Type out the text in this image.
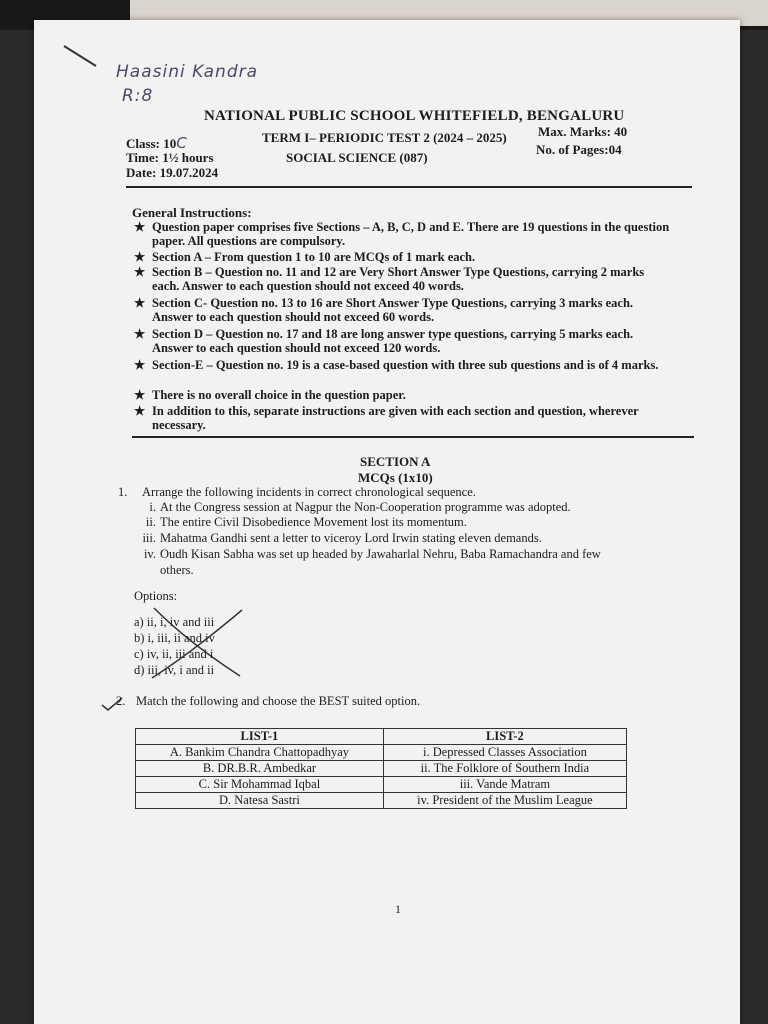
Haasini Kandra
R:8
NATIONAL PUBLIC SCHOOL WHITEFIELD, BENGALURU
TERM I– PERIODIC TEST 2 (2024 – 2025)
SOCIAL SCIENCE (087)
Class: 10C
Time: 1½ hours
Date: 19.07.2024
Max. Marks: 40
No. of Pages:04
General Instructions:
★ Question paper comprises five Sections – A, B, C, D and E. There are 19 questions in the question paper. All questions are compulsory.
★ Section A – From question 1 to 10 are MCQs of 1 mark each.
★ Section B – Question no. 11 and 12 are Very Short Answer Type Questions, carrying 2 marks each. Answer to each question should not exceed 40 words.
★ Section C- Question no. 13 to 16 are Short Answer Type Questions, carrying 3 marks each. Answer to each question should not exceed 60 words.
★ Section D – Question no. 17 and 18 are long answer type questions, carrying 5 marks each. Answer to each question should not exceed 120 words.
★ Section-E – Question no. 19 is a case-based question with three sub questions and is of 4 marks.
★ There is no overall choice in the question paper.
★ In addition to this, separate instructions are given with each section and question, wherever necessary.
SECTION A
MCQs (1x10)
1. Arrange the following incidents in correct chronological sequence.
i. At the Congress session at Nagpur the Non-Cooperation programme was adopted.
ii. The entire Civil Disobedience Movement lost its momentum.
iii. Mahatma Gandhi sent a letter to viceroy Lord Irwin stating eleven demands.
iv. Oudh Kisan Sabha was set up headed by Jawaharlal Nehru, Baba Ramachandra and few
others.
Options:
a) ii, i, iv and iii
b) i, iii, ii and iv
c) iv, ii, iii and i
d) iii, iv, i and ii
2. Match the following and choose the BEST suited option.
LIST-1	LIST-2
A. Bankim Chandra Chattopadhyay	i. Depressed Classes Association
B. DR.B.R. Ambedkar	ii. The Folklore of Southern India
C. Sir Mohammad Iqbal	iii. Vande Matram
D. Natesa Sastri	iv. President of the Muslim League
1
